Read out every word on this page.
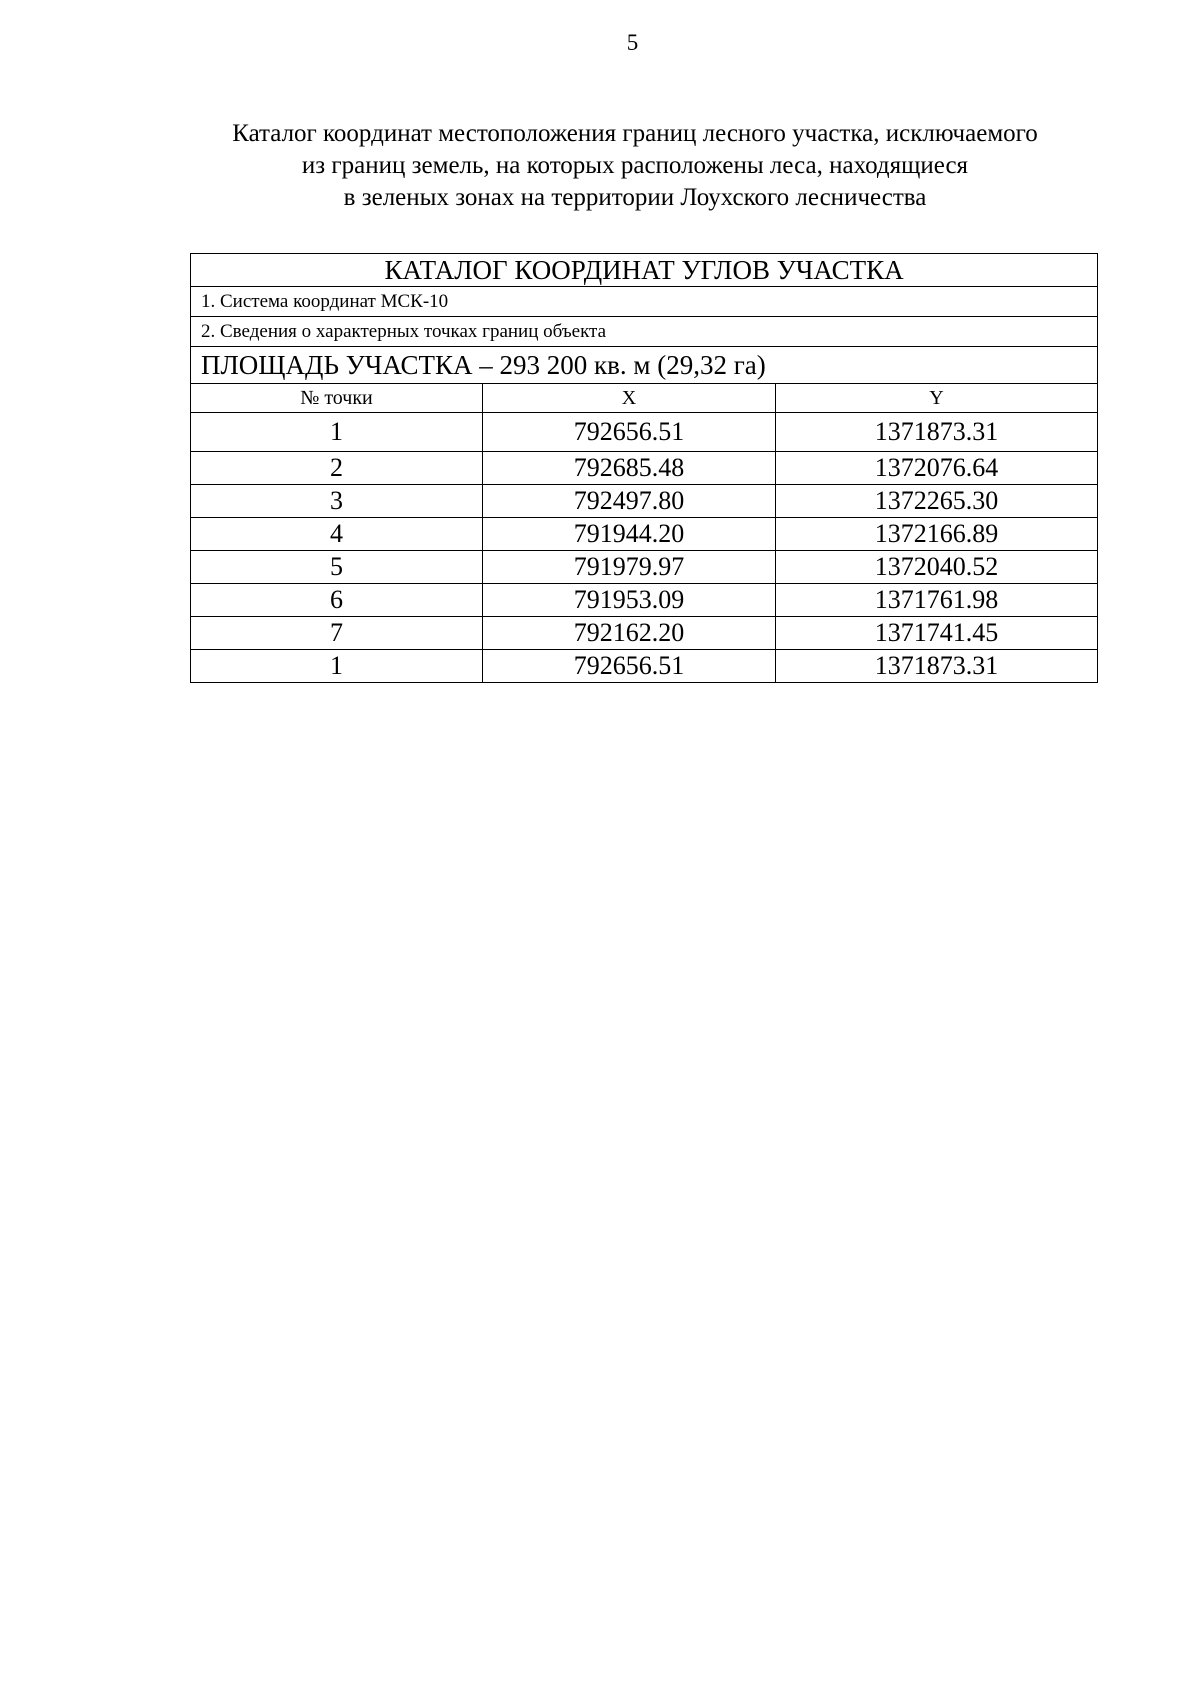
5
Каталог координат местоположения границ лесного участка, исключаемого
из границ земель, на которых расположены леса, находящиеся
в зеленых зонах на территории Лоухского лесничества
КАТАЛОГ КООРДИНАТ УГЛОВ УЧАСТКА		
1. Система координат МСК-10		
2. Сведения о характерных точках границ объекта		
ПЛОЩАДЬ УЧАСТКА – 293 200 кв. м (29,32 га)		
№ точки	X	Y
1	792656.51	1371873.31
2	792685.48	1372076.64
3	792497.80	1372265.30
4	791944.20	1372166.89
5	791979.97	1372040.52
6	791953.09	1371761.98
7	792162.20	1371741.45
1	792656.51	1371873.31
